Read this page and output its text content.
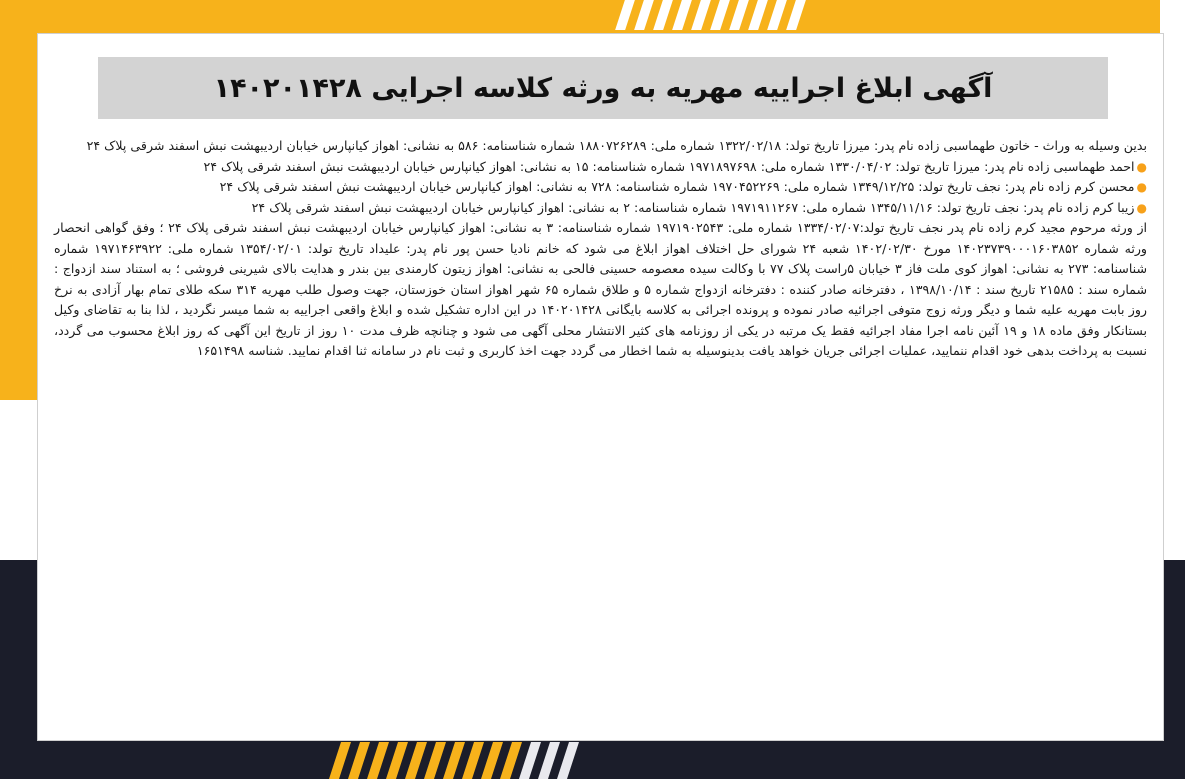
آگهی ابلاغ اجراییه مهریه به ورثه کلاسه اجرایی ۱۴۰۲۰۱۴۲۸

بدین وسیله به وراث - خاتون طهماسبی زاده نام پدر: میرزا تاریخ تولد: ۱۳۲۲/۰۲/۱۸ شماره ملی: ۱۸۸۰۷۲۶۲۸۹ شماره شناسنامه: ۵۸۶ به نشانی: اهواز کیانپارس خیابان اردیبهشت نبش اسفند شرقی پلاک ۲۴

●احمد طهماسبی زاده نام پدر: میرزا تاریخ تولد: ۱۳۳۰/۰۴/۰۲ شماره ملی: ۱۹۷۱۸۹۷۶۹۸ شماره شناسنامه: ۱۵ به نشانی: اهواز کیانپارس خیابان اردیبهشت نبش اسفند شرقی پلاک ۲۴

●محسن کرم زاده نام پدر: نجف تاریخ تولد: ۱۳۴۹/۱۲/۲۵ شماره ملی: ۱۹۷۰۴۵۲۲۶۹ شماره شناسنامه: ۷۲۸ به نشانی: اهواز کیانپارس خیابان اردیبهشت نبش اسفند شرقی پلاک ۲۴

●زیبا کرم زاده نام پدر: نجف تاریخ تولد: ۱۳۴۵/۱۱/۱۶ شماره ملی: ۱۹۷۱۹۱۱۲۶۷ شماره شناسنامه: ۲ به نشانی: اهواز کیانپارس خیابان اردیبهشت نبش اسفند شرقی پلاک ۲۴

از ورثه مرحوم مجید کرم زاده نام پدر نجف تاریخ تولد:۱۳۳۴/۰۲/۰۷ شماره ملی: ۱۹۷۱۹۰۲۵۴۳ شماره شناسنامه: ۳ به نشانی: اهواز کیانپارس خیابان اردیبهشت نبش اسفند شرقی پلاک ۲۴ ؛ وفق گواهی انحصار ورثه شماره ۱۴۰۲۳۷۳۹۰۰۰۱۶۰۳۸۵۲ مورخ ۱۴۰۲/۰۲/۳۰ شعبه ۲۴ شورای حل اختلاف اهواز ابلاغ می شود که خانم نادیا حسن پور نام پدر: علیداد تاریخ تولد: ۱۳۵۴/۰۲/۰۱ شماره ملی: ۱۹۷۱۴۶۳۹۲۲ شماره شناسنامه: ۲۷۳ به نشانی: اهواز کوی ملت فاز ۳ خیابان ۵راست پلاک ۷۷ با وکالت سیده معصومه حسینی فالحی به نشانی: اهواز زیتون کارمندی بین بندر و هدایت بالای شیرینی فروشی ؛ به استناد سند ازدواج : شماره سند : ۲۱۵۸۵ تاریخ سند : ۱۳۹۸/۱۰/۱۴ ، دفترخانه صادر کننده : دفترخانه ازدواج شماره ۵ و طلاق شماره ۶۵ شهر اهواز استان خوزستان، جهت وصول طلب مهریه ۳۱۴ سکه طلای تمام بهار آزادی به نرخ روز بابت مهریه علیه شما و دیگر ورثه زوج متوفی اجرائیه صادر نموده و پرونده اجرائی به کلاسه بایگانی ۱۴۰۲۰۱۴۲۸ در این اداره تشکیل شده و ابلاغ واقعی اجراییه به شما میسر نگردید ، لذا بنا به تقاضای وکیل بستانکار وفق ماده ۱۸ و ۱۹ آئین نامه اجرا مفاد اجرائیه فقط یک مرتبه در یکی از روزنامه های کثیر الانتشار محلی آگهی می شود و چنانچه ظرف مدت ۱۰ روز از تاریخ این آگهی که روز ابلاغ محسوب می گردد، نسبت به پرداخت بدهی خود اقدام ننمایید، عملیات اجرائی جریان خواهد یافت بدینوسیله به شما اخطار می گردد جهت اخذ کاربری و ثبت نام در سامانه ثنا اقدام نمایید. شناسه ۱۶۵۱۴۹۸
